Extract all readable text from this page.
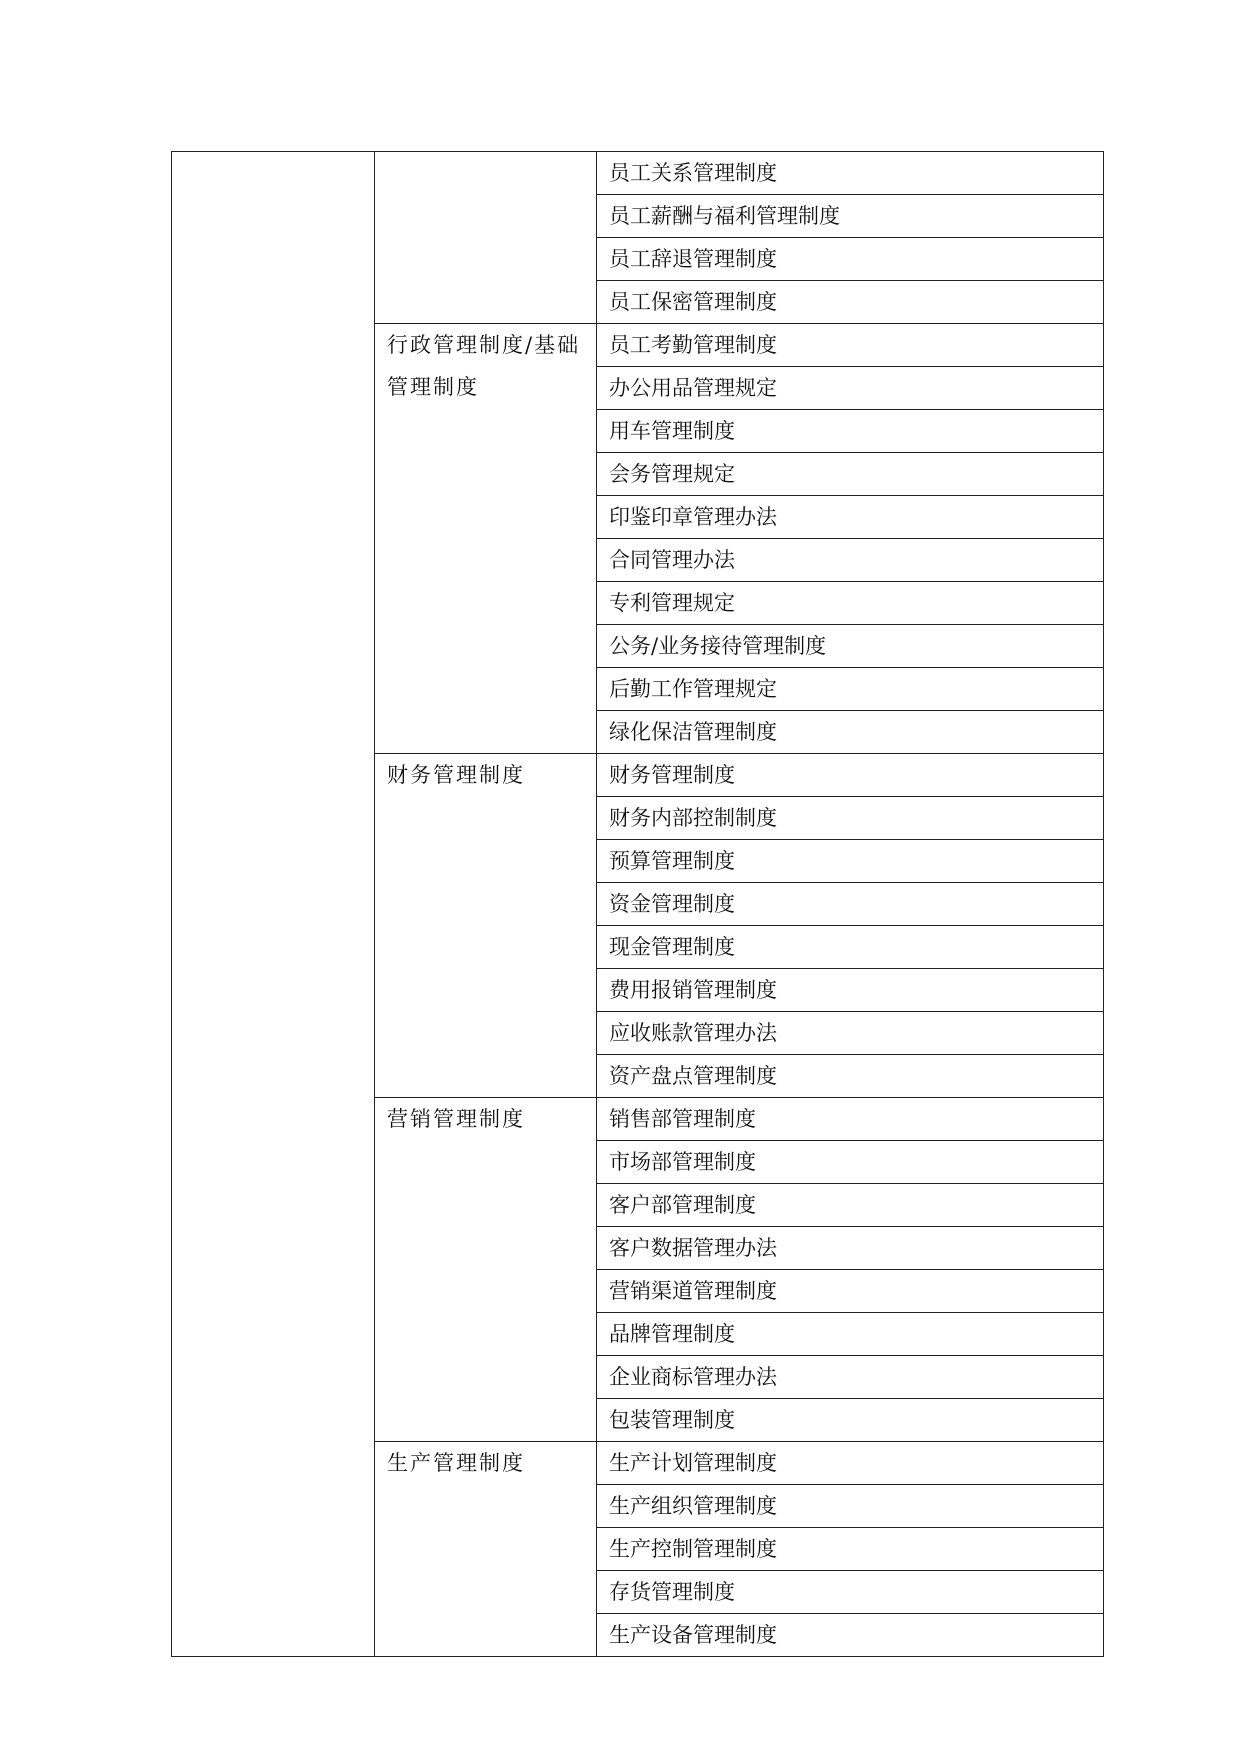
		员工关系管理制度
		员工薪酬与福利管理制度
		员工辞退管理制度
		员工保密管理制度
	行政管理制度/基础管理制度	员工考勤管理制度
		办公用品管理规定
		用车管理制度
		会务管理规定
		印鉴印章管理办法
		合同管理办法
		专利管理规定
		公务/业务接待管理制度
		后勤工作管理规定
		绿化保洁管理制度
	财务管理制度	财务管理制度
		财务内部控制制度
		预算管理制度
		资金管理制度
		现金管理制度
		费用报销管理制度
		应收账款管理办法
		资产盘点管理制度
	营销管理制度	销售部管理制度
		市场部管理制度
		客户部管理制度
		客户数据管理办法
		营销渠道管理制度
		品牌管理制度
		企业商标管理办法
		包装管理制度
	生产管理制度	生产计划管理制度
		生产组织管理制度
		生产控制管理制度
		存货管理制度
		生产设备管理制度
